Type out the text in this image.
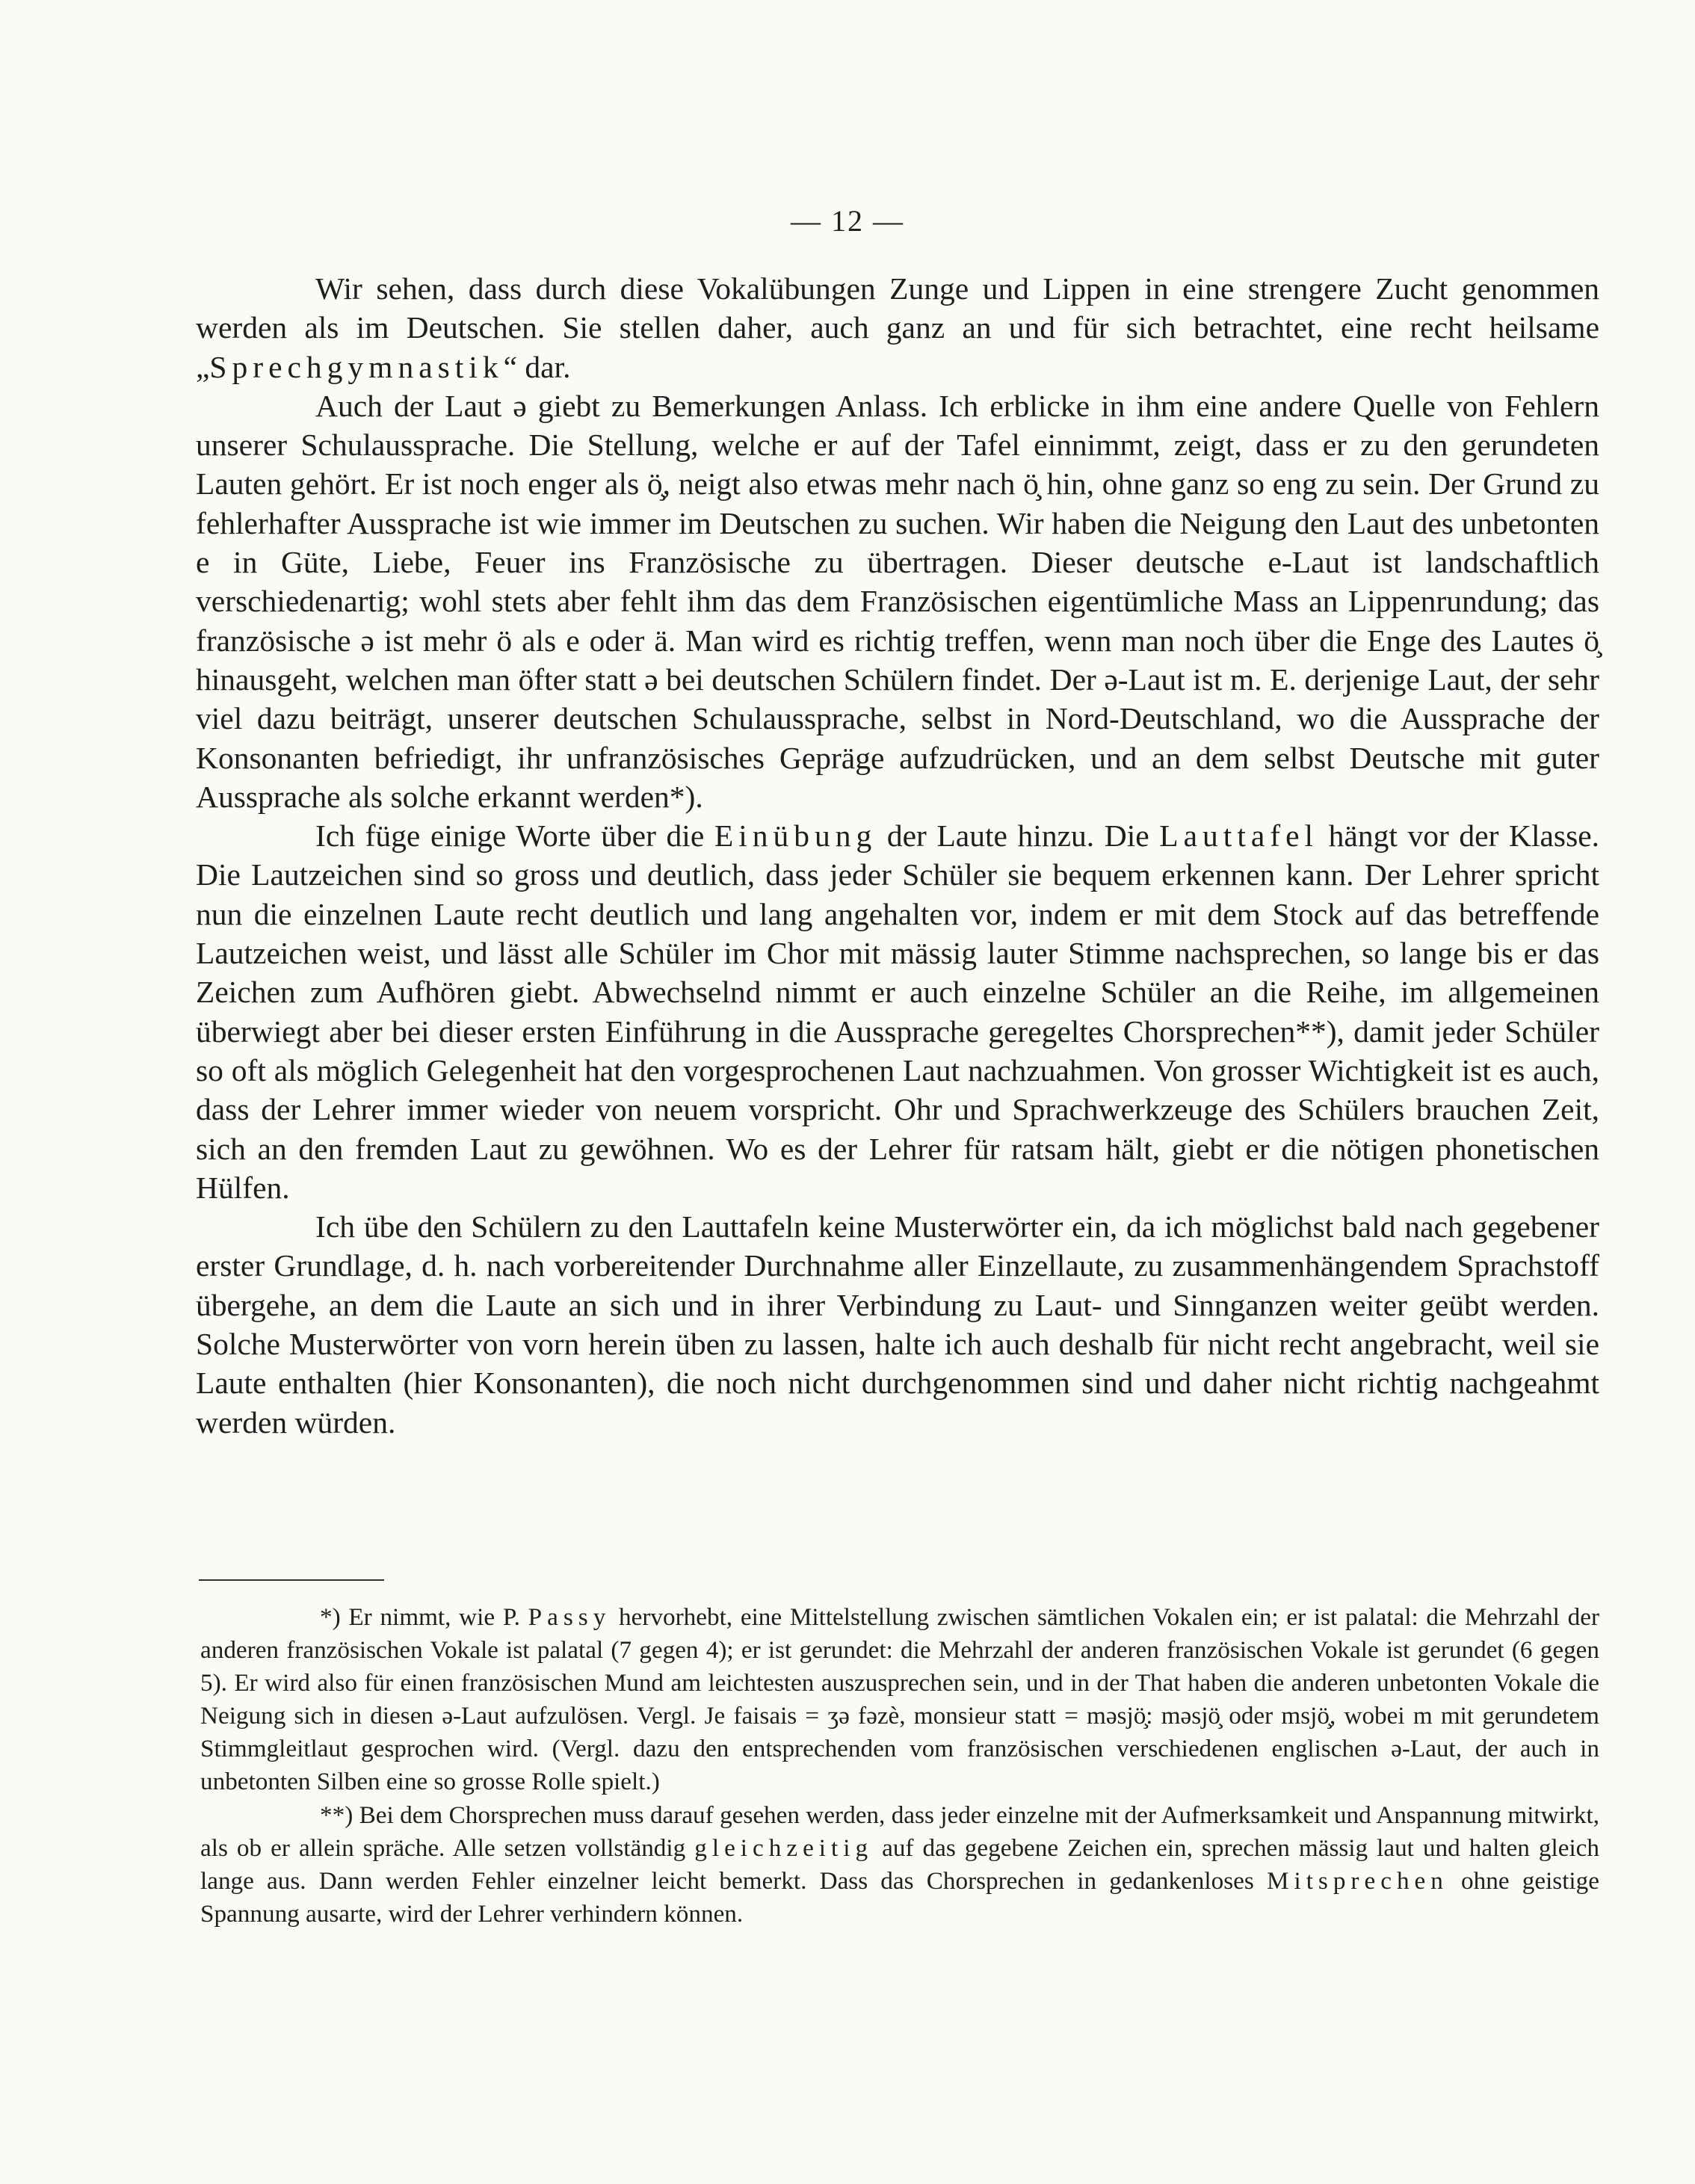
— 12 —

Wir sehen, dass durch diese Vokalübungen Zunge und Lippen in eine strengere Zucht genommen werden als im Deutschen. Sie stellen daher, auch ganz an und für sich betrachtet, eine recht heilsame „Sprechgymnastik“ dar.

Auch der Laut ə giebt zu Bemerkungen Anlass. Ich erblicke in ihm eine andere Quelle von Fehlern unserer Schulaussprache. Die Stellung, welche er auf der Tafel einnimmt, zeigt, dass er zu den gerundeten Lauten gehört. Er ist noch enger als ö̧, neigt also etwas mehr nach ö̧ hin, ohne ganz so eng zu sein. Der Grund zu fehlerhafter Aussprache ist wie immer im Deutschen zu suchen. Wir haben die Neigung den Laut des unbetonten e in Güte, Liebe, Feuer ins Französische zu übertragen. Dieser deutsche e-Laut ist landschaftlich verschiedenartig; wohl stets aber fehlt ihm das dem Französischen eigentümliche Mass an Lippenrundung; das französische ə ist mehr ö als e oder ä. Man wird es richtig treffen, wenn man noch über die Enge des Lautes ö̧ hinausgeht, welchen man öfter statt ə bei deutschen Schülern findet. Der ə-Laut ist m. E. derjenige Laut, der sehr viel dazu beiträgt, unserer deutschen Schulaussprache, selbst in Nord-Deutschland, wo die Aussprache der Konsonanten befriedigt, ihr unfranzösisches Gepräge aufzudrücken, und an dem selbst Deutsche mit guter Aussprache als solche erkannt werden*).

Ich füge einige Worte über die Einübung der Laute hinzu. Die Lauttafel hängt vor der Klasse. Die Lautzeichen sind so gross und deutlich, dass jeder Schüler sie bequem erkennen kann. Der Lehrer spricht nun die einzelnen Laute recht deutlich und lang angehalten vor, indem er mit dem Stock auf das betreffende Lautzeichen weist, und lässt alle Schüler im Chor mit mässig lauter Stimme nachsprechen, so lange bis er das Zeichen zum Aufhören giebt. Abwechselnd nimmt er auch einzelne Schüler an die Reihe, im allgemeinen überwiegt aber bei dieser ersten Einführung in die Aussprache geregeltes Chorsprechen**), damit jeder Schüler so oft als möglich Gelegenheit hat den vorgesprochenen Laut nachzuahmen. Von grosser Wichtigkeit ist es auch, dass der Lehrer immer wieder von neuem vorspricht. Ohr und Sprachwerkzeuge des Schülers brauchen Zeit, sich an den fremden Laut zu gewöhnen. Wo es der Lehrer für ratsam hält, giebt er die nötigen phonetischen Hülfen.

Ich übe den Schülern zu den Lauttafeln keine Musterwörter ein, da ich möglichst bald nach gegebener erster Grundlage, d. h. nach vorbereitender Durchnahme aller Einzellaute, zu zusammenhängendem Sprachstoff übergehe, an dem die Laute an sich und in ihrer Verbindung zu Laut- und Sinnganzen weiter geübt werden. Solche Musterwörter von vorn herein üben zu lassen, halte ich auch deshalb für nicht recht angebracht, weil sie Laute enthalten (hier Konsonanten), die noch nicht durchgenommen sind und daher nicht richtig nachgeahmt werden würden.

*) Er nimmt, wie P. Passy hervorhebt, eine Mittelstellung zwischen sämtlichen Vokalen ein; er ist palatal: die Mehrzahl der anderen französischen Vokale ist palatal (7 gegen 4); er ist gerundet: die Mehrzahl der anderen französischen Vokale ist gerundet (6 gegen 5). Er wird also für einen französischen Mund am leichtesten auszusprechen sein, und in der That haben die anderen unbetonten Vokale die Neigung sich in diesen ə-Laut aufzulösen. Vergl. Je faisais = ʒə fəzè, monsieur statt = məsjö̧: məsjö̧ oder msjö̧, wobei m mit gerundetem Stimmgleitlaut gesprochen wird. (Vergl. dazu den entsprechenden vom französischen verschiedenen englischen ə-Laut, der auch in unbetonten Silben eine so grosse Rolle spielt.)

**) Bei dem Chorsprechen muss darauf gesehen werden, dass jeder einzelne mit der Aufmerksamkeit und Anspannung mitwirkt, als ob er allein spräche. Alle setzen vollständig gleichzeitig auf das gegebene Zeichen ein, sprechen mässig laut und halten gleich lange aus. Dann werden Fehler einzelner leicht bemerkt. Dass das Chorsprechen in gedankenloses Mitsprechen ohne geistige Spannung ausarte, wird der Lehrer verhindern können.
